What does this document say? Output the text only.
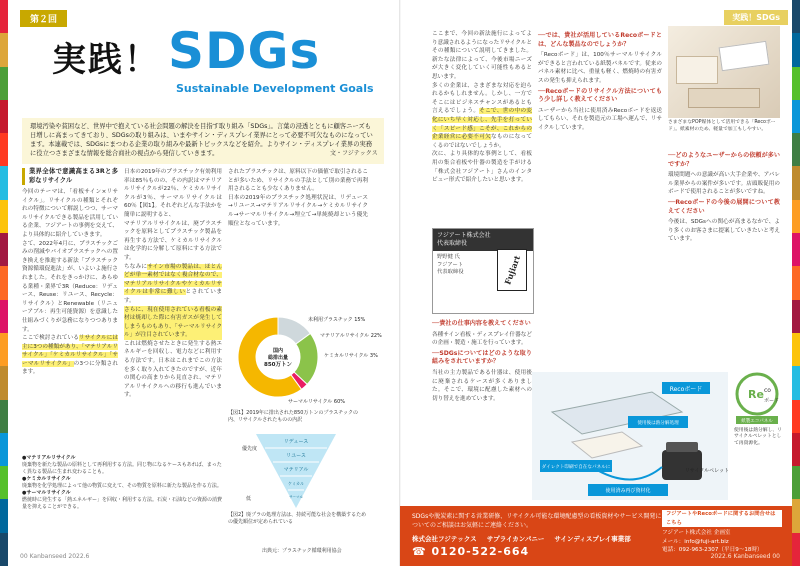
第２回
実践！ SDGs
Sustainable Development Goals
環境汚染や貧困など、世界中で抱えている社会問題の解決を目指す取り組み「SDGs」。言葉の浸透とともに顧客ニーズも日増しに高まってきており、SDGsの取り組みは、いまやサイン・ディスプレイ業界にとって必要不可欠なものになっています。本連載では、SDGsにまつわる企業の取り組みや最新トピックスなどを紹介。よりサイン・ディスプレイ業界の実務に役立つさまざまな情報を総合商社の視点から発信していきます。	文・フジテックス
業界全体で意識高まる3Rと多彩なリサイクル
今回のテーマは、「看板サイン×リサイクル」。リサイクルの種類とそれぞれの特徴について解説しつつ、サーマルリサイクルできる製品を活用している企業、フジアートの事例を交えて、より具体的に紹介していきます。
さて、2022年4月に、プラスチックごみの削減やバイオプラスチックへの置き換えを推進する新法「プラスチック資源循環促進法」が、いよいよ施行されました。それをきっかけに、あらゆる業種・業界で3R（Reduce：リデュース、Reuse：リユース、Recycle：リサイクル）とRenewable（リニューアブル：再生可能資源）を意識した仕組みづくりが急務になりつつあります。
ここで検討されているリサイクルには主に3つの種類があり、「マテリアルリサイクル」「ケミカルリサイクル」「サーマルリサイクル」の3つに分類されます。
日本の2019年のプラスチック有効利用率は85％ものの、その内訳はマテリアルリサイクルが22％、ケミカルリサイクルが3％、サーマルリサイクルは60％【図1】。それぞれどんな手法かを簡単に説明すると、
マテリアルリサイクルは、廃プラスチックを原料としてプラスチック製品を再生する方法で、ケミカルリサイクルは化学的に分解して原料にする方法です。
ちなみにサイン市場の製品は、ほとんどが単一素材ではなく複合材なので、マテリアルリサイクルやケミカルリサイクルは非常に難しいとされています。
さらに、現在使用されている看板の素材は焼却した際に有害ガスが発生してしまうものもあり、「サーマルリサイクル」が注目されています。
これは燃焼させたときに発生する熱エネルギーを回収し、電力などに利用する方法です。日本はこれまでこの方法を多く取り入れてきたのですが、近年の関心の高まりから見直され、マテリアルリサイクルへの移行も進んでいます。
されたプラスチックは、原料以下の価値で取引されることが多いため、リサイクルの手法として別の業務で再利用されることも少なくありません。
日本の2019年のプラスチック処理状況は、リデュース→リユース→マテリアルリサイクル→ケミカルリサイクル→サーマルリサイクル→埋立て→単純焼却という優先順位となっています。
未利用プラスチック 15%
マテリアルリサイクル 22%
ケミカルリサイクル 3%
サーマルリサイクル 60%
国内
総排出量
850万トン
【図1】2019年に排出された850万トンのプラスチックの内、リサイクルされたものの内訳
リデュース
リユース
マテリアル
ケミカル
サーマル
優先度
低
【図2】廃プラの処理方法は、持続可能な社会を構築するための優先順位が定められている
出典元：プラスチック循環利用協会
●マテリアルリサイクル
廃棄物を新たな製品の原料として再利用する方法。同じ物になるケースもあれば、まったく異なる製品に生まれ変わることも。
●ケミカルリサイクル
廃棄物を化学処理によって他の物質に変えて、その物質を原料に新たな製品を作る方法。
●サーマルリサイクル
燃焼時に発生する「熱エネルギー」を回収・利用する方法。石炭・石油などの資源の消費量を抑えることができる。
00 Kanbanseed 2022.6
実践！SDGs
ここまで、今回の新法施行によってより意識されるようになったリサイクルとその種類について説明してきました。新たな法律によって、今後市場ニーズが大きく変化していく可能性もあると思います。
多くの企業は、さまざまな対応を迫られるかもしれません。しかし、一方でそこにはビジネスチャンスがあるとも言えるでしょう。そこで、世の中の変化にいち早く対応し、先手を打っていく「スピード感」こそが、これからの企業経営に必要不可欠なものになってくるのではないでしょうか。
次に、より具体的な事例として、看板用の集合看板や什器の製造を手がける「株式会社フジアート」さんのインタビュー形式で紹介したいと思います。
フジアート株式会社
代表取締役
野野健 氏
フジアート
代表取締役	Fujiart
──貴社の仕事内容を教えてください
各種サイン看板・ディスプレイ什器などの企画・製造・施工を行っています。
──SDGsについてはどのような取り組みをされていますか？
当社の主力製品である什器は、使用後に廃棄されるケースが多くありました。そこで、環境に配慮した素材への切り替えを進めています。
──では、貴社が活用しているRecoボードとは、どんな製品なのでしょうか？
「Recoボード」は、100％サーマルリサイクルができると言われている紙製パネルです。従来のパネル素材に比べ、重量も軽く、燃焼時の有害ガスの発生も抑えられます。
──Recoボードのリサイクル方法についてもう少し詳しく教えてください
ユーザーから当社に使用済みRecoボードを返送してもらい、それを製造元の工場へ運んで、リサイクルしています。
さまざまなPOP媒体として活用できる「Recoボード」。紙素材のため、軽量で加工もしやすい。
──どのようなユーザーからの依頼が多いですか？
環境問題への意識が高い大手企業や、アパレル業界からの案件が多いです。店頭販促用のボードで使用されることが多いですね。
──Recoボードの今後の展開について教えてください
今後は、SDGsへの関心が高まるなかで、より多くのお客さまに提案していきたいと考えています。
Recoボード
ダイレクト印刷で自在なパネルに
使用後は熱分解処理
リサイクルペレット
使用済み再び資材化
Re co
ボード
紙製エコパネル
使用後は熱分解し、リサイクルペレットとして再資源化。
SDGsや脱炭素に関する営業研修、リサイクル可能な環境配慮型の看板資材やサービス開発についてのご相談はお気軽にご連絡ください。
株式会社フジテックス サプライカンパニー サインディスプレイ事業部
☎ 0120-522-664
フジアートやRecoボードに関するお問合せはこちら
フジアート株式会社 企画室
メール：info@fuji-art.biz
電話：092-963-2307（平日9～18時）
2022.6 Kanbanseed 00
